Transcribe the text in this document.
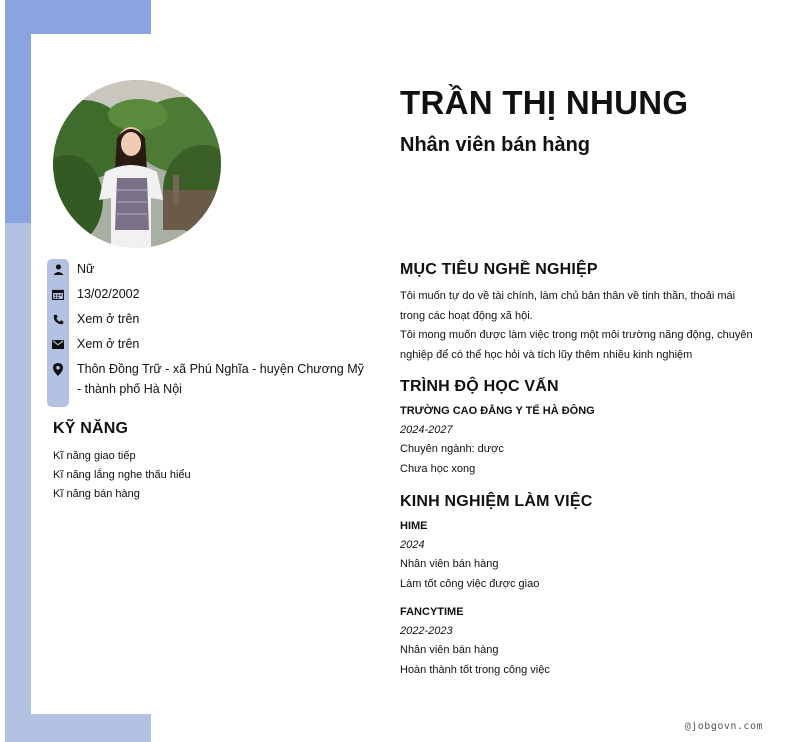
TRẦN THỊ NHUNG
Nhân viên bán hàng
Nữ
13/02/2002
Xem ở trên
Xem ở trên
Thôn Đồng Trữ - xã Phú Nghĩa - huyện Chương Mỹ - thành phố Hà Nội
KỸ NĂNG

Kĩ năng giao tiếp

Kĩ năng lắng nghe thấu hiểu

Kĩ năng bán hàng

MỤC TIÊU NGHỀ NGHIỆP

Tôi muốn tự do về tài chính, làm chủ bản thân về tinh thần, thoải mái trong các hoạt động xã hội.

Tôi mong muốn được làm việc trong một môi trường năng động, chuyên nghiệp để có thể học hỏi và tích lũy thêm nhiều kinh nghiệm

TRÌNH ĐỘ HỌC VẤN

TRƯỜNG CAO ĐẲNG Y TẾ HÀ ĐÔNG

2024-2027

Chuyên ngành: dược

Chưa học xong

KINH NGHIỆM LÀM VIỆC

HIME

2024

Nhân viên bán hàng

Làm tốt công việc được giao

FANCYTIME

2022-2023

Nhân viên bán hàng

Hoàn thành tốt trong công việc

@jobgovn.com
